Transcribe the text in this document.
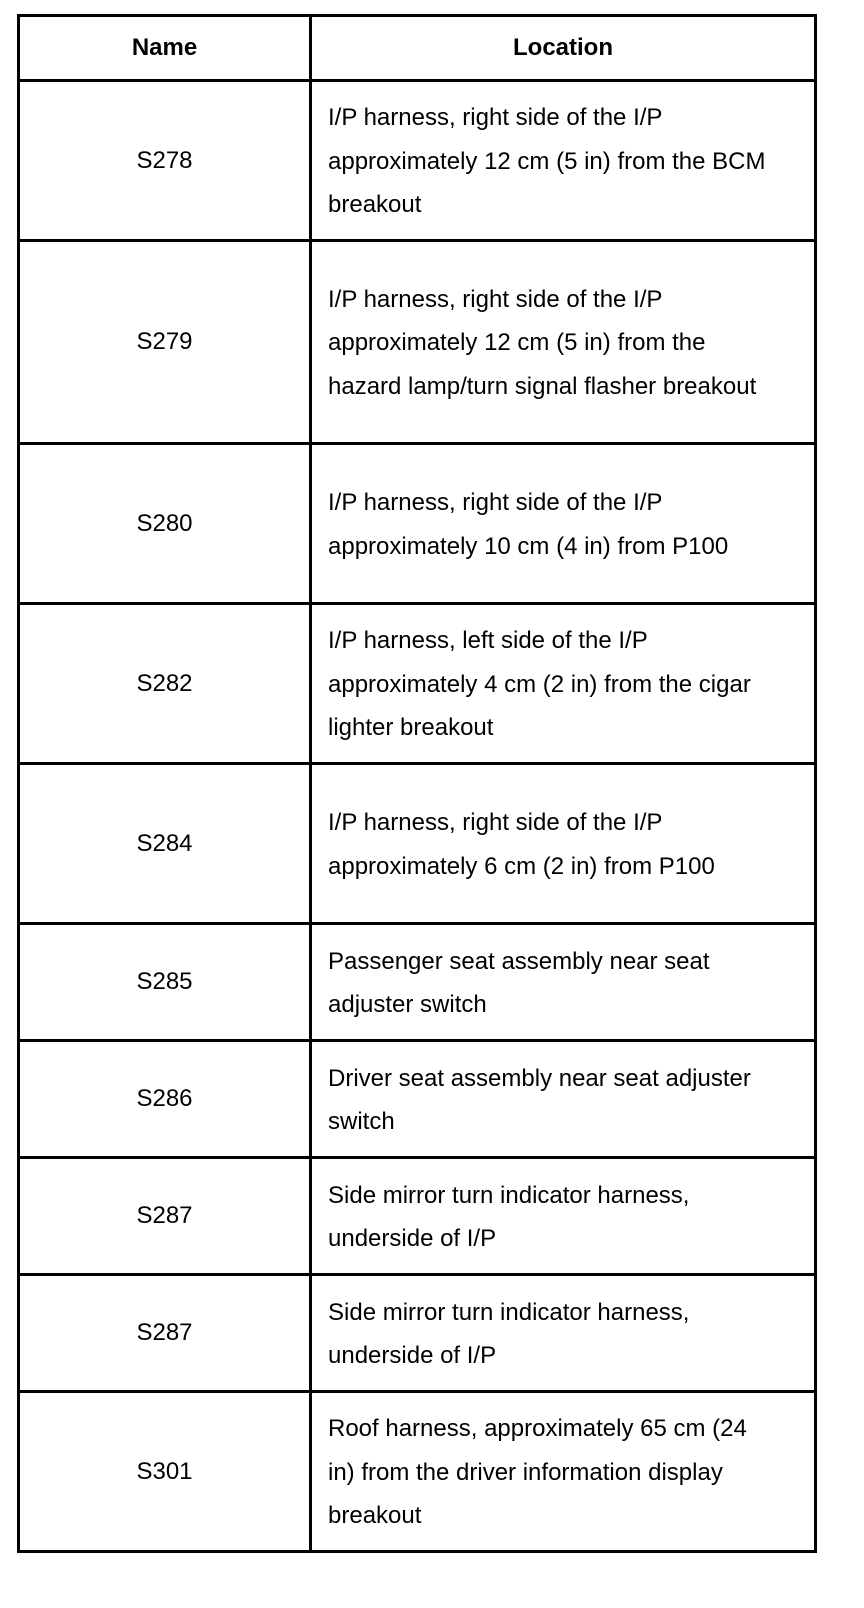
Name	Location
S278	I/P harness, right side of the I/P approximately 12 cm (5 in) from the BCM breakout
S279	I/P harness, right side of the I/P approximately 12 cm (5 in) from the hazard lamp/turn signal flasher breakout
S280	I/P harness, right side of the I/P approximately 10 cm (4 in) from P100
S282	I/P harness, left side of the I/P approximately 4 cm (2 in) from the cigar lighter breakout
S284	I/P harness, right side of the I/P approximately 6 cm (2 in) from P100
S285	Passenger seat assembly near seat adjuster switch
S286	Driver seat assembly near seat adjuster switch
S287	Side mirror turn indicator harness, underside of I/P
S287	Side mirror turn indicator harness, underside of I/P
S301	Roof harness, approximately 65 cm (24 in) from the driver information display breakout
